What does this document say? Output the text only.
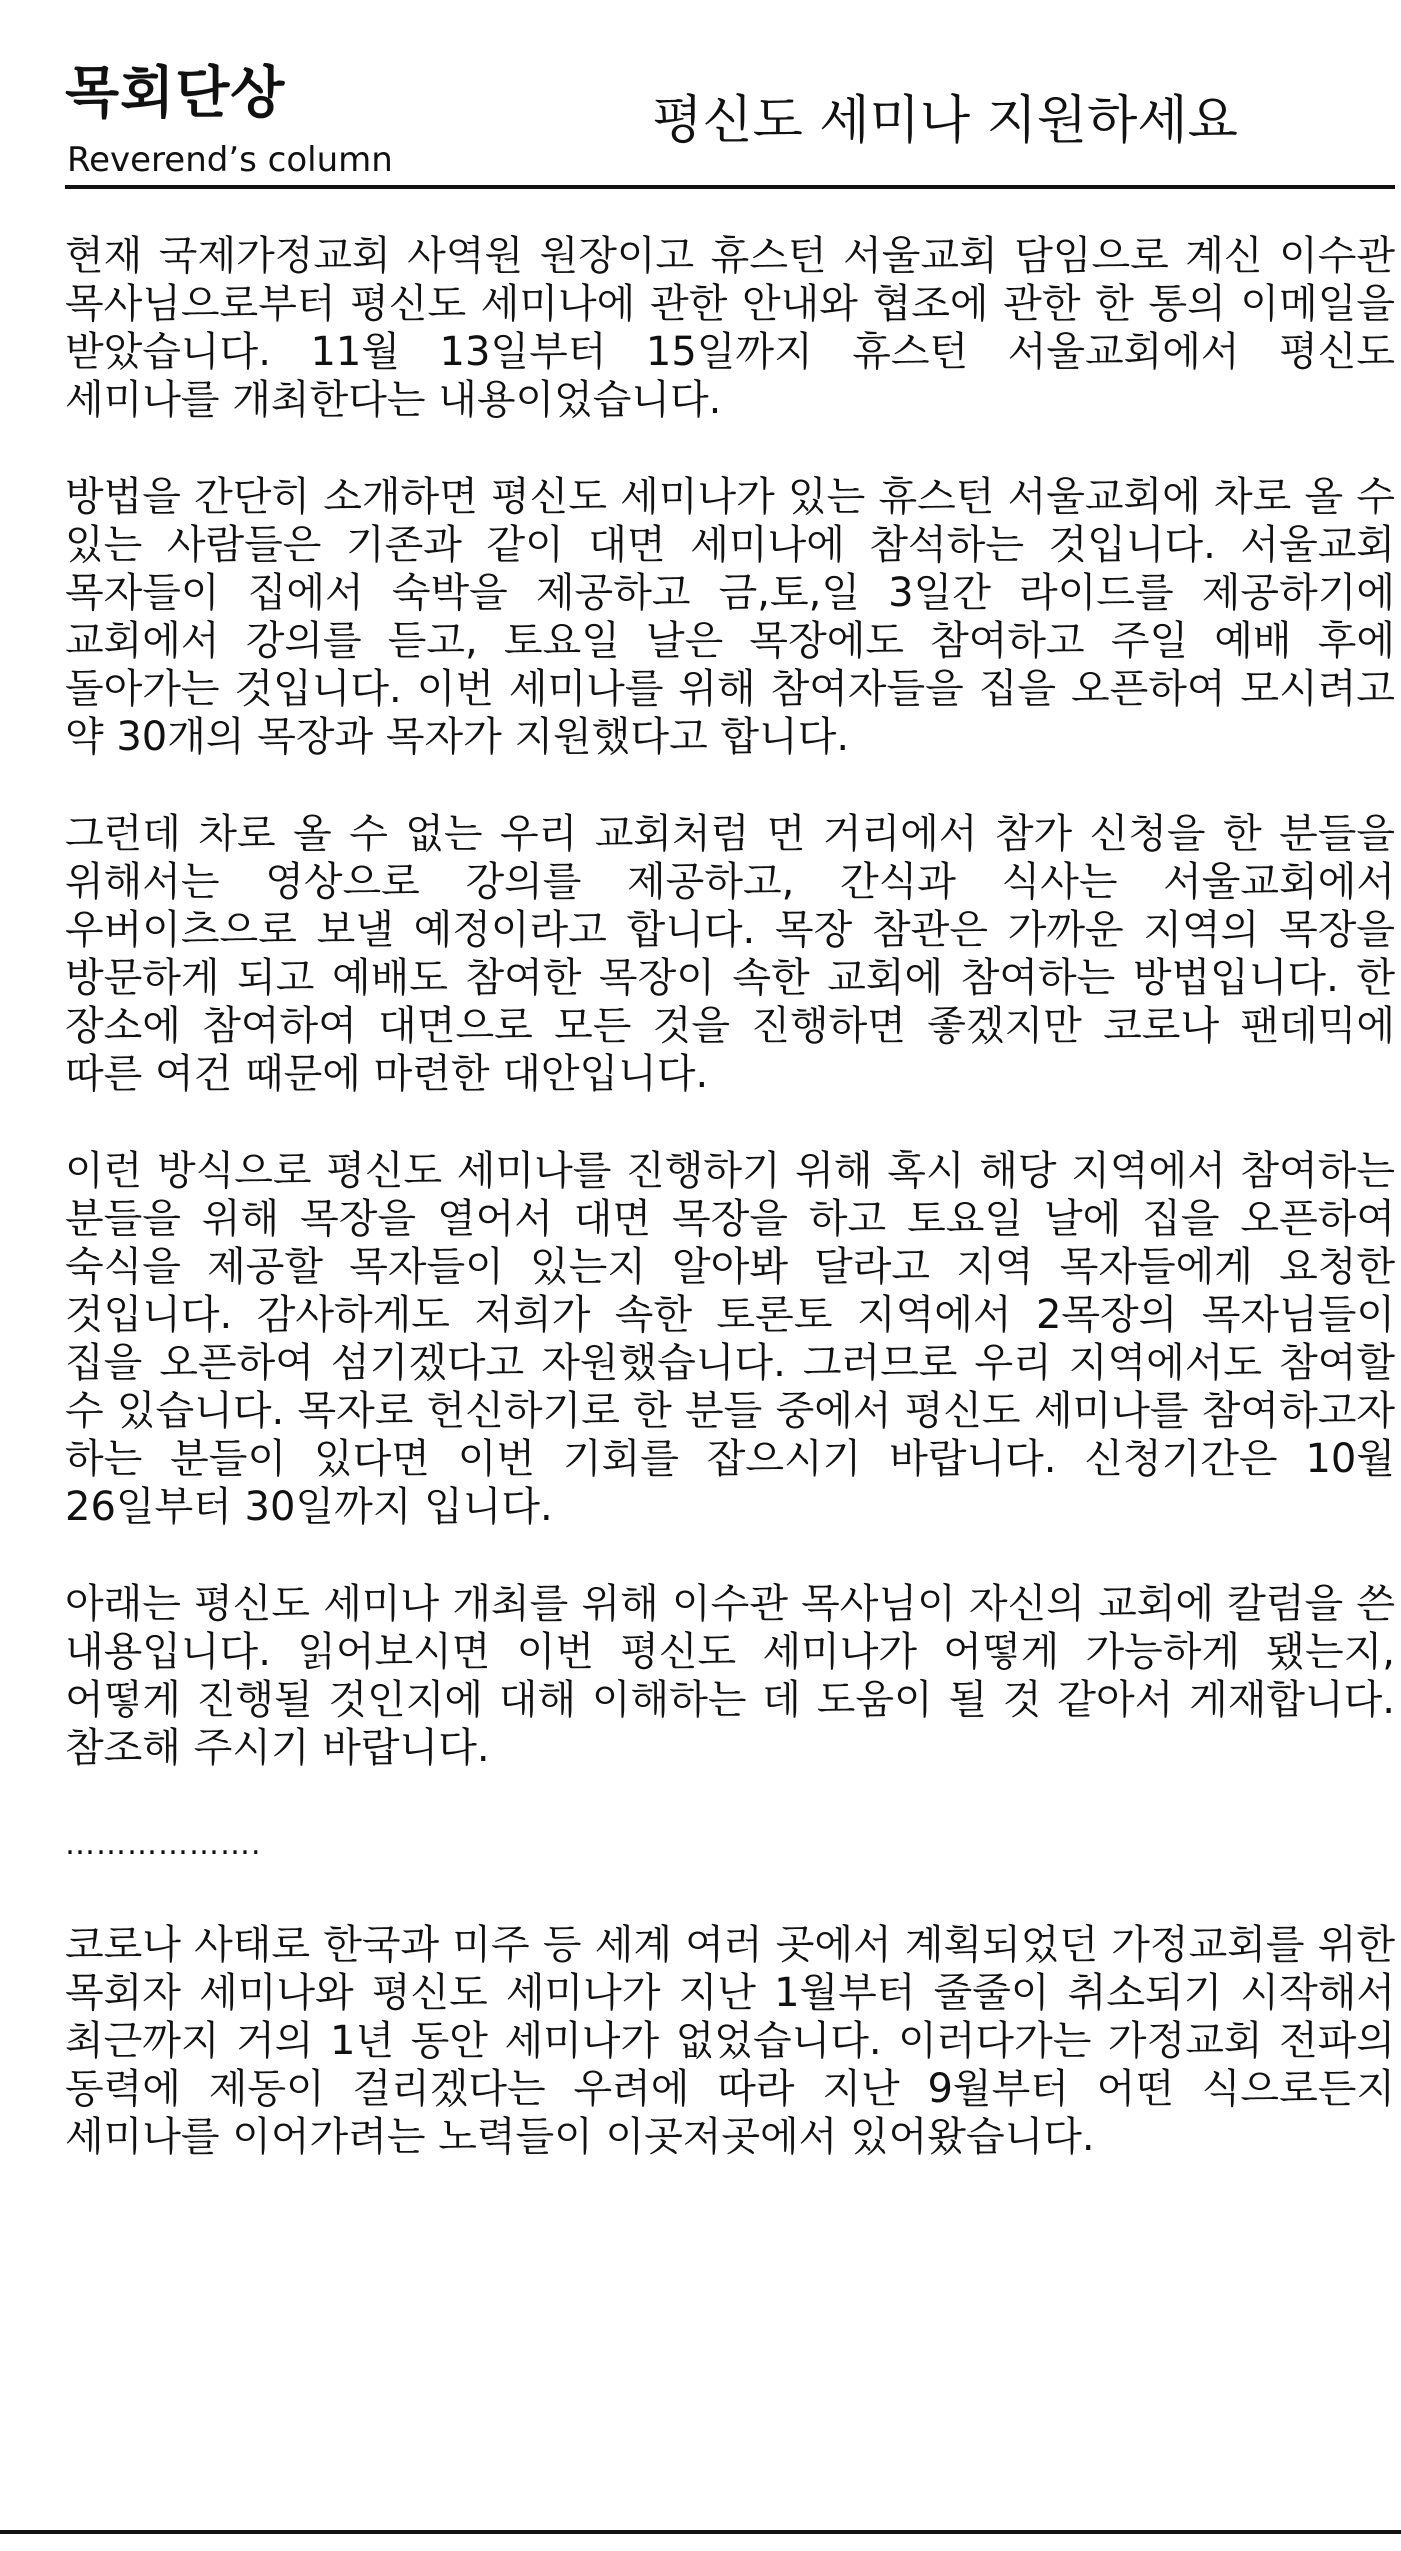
목회단상
Reverend’s column
평신도 세미나 지원하세요

현재 국제가정교회 사역원 원장이고 휴스턴 서울교회 담임으로 계신 이수관 목사님으로부터 평신도 세미나에 관한 안내와 협조에 관한 한 통의 이메일을 받았습니다. 11월 13일부터 15일까지 휴스턴 서울교회에서 평신도 세미나를 개최한다는 내용이었습니다.

방법을 간단히 소개하면 평신도 세미나가 있는 휴스턴 서울교회에 차로 올 수 있는 사람들은 기존과 같이 대면 세미나에 참석하는 것입니다. 서울교회 목자들이 집에서 숙박을 제공하고 금,토,일 3일간 라이드를 제공하기에 교회에서 강의를 듣고, 토요일 날은 목장에도 참여하고 주일 예배 후에 돌아가는 것입니다. 이번 세미나를 위해 참여자들을 집을 오픈하여 모시려고 약 30개의 목장과 목자가 지원했다고 합니다.

그런데 차로 올 수 없는 우리 교회처럼 먼 거리에서 참가 신청을 한 분들을 위해서는 영상으로 강의를 제공하고, 간식과 식사는 서울교회에서 우버이츠으로 보낼 예정이라고 합니다. 목장 참관은 가까운 지역의 목장을 방문하게 되고 예배도 참여한 목장이 속한 교회에 참여하는 방법입니다. 한 장소에 참여하여 대면으로 모든 것을 진행하면 좋겠지만 코로나 팬데믹에 따른 여건 때문에 마련한 대안입니다.

이런 방식으로 평신도 세미나를 진행하기 위해 혹시 해당 지역에서 참여하는 분들을 위해 목장을 열어서 대면 목장을 하고 토요일 날에 집을 오픈하여 숙식을 제공할 목자들이 있는지 알아봐 달라고 지역 목자들에게 요청한 것입니다. 감사하게도 저희가 속한 토론토 지역에서 2목장의 목자님들이 집을 오픈하여 섬기겠다고 자원했습니다. 그러므로 우리 지역에서도 참여할 수 있습니다. 목자로 헌신하기로 한 분들 중에서 평신도 세미나를 참여하고자 하는 분들이 있다면 이번 기회를 잡으시기 바랍니다. 신청기간은 10월 26일부터 30일까지 입니다.

아래는 평신도 세미나 개최를 위해 이수관 목사님이 자신의 교회에 칼럼을 쓴 내용입니다. 읽어보시면 이번 평신도 세미나가 어떻게 가능하게 됐는지, 어떻게 진행될 것인지에 대해 이해하는 데 도움이 될 것 같아서 게재합니다. 참조해 주시기 바랍니다.

……………….

코로나 사태로 한국과 미주 등 세계 여러 곳에서 계획되었던 가정교회를 위한 목회자 세미나와 평신도 세미나가 지난 1월부터 줄줄이 취소되기 시작해서 최근까지 거의 1년 동안 세미나가 없었습니다. 이러다가는 가정교회 전파의 동력에 제동이 걸리겠다는 우려에 따라 지난 9월부터 어떤 식으로든지 세미나를 이어가려는 노력들이 이곳저곳에서 있어왔습니다.
